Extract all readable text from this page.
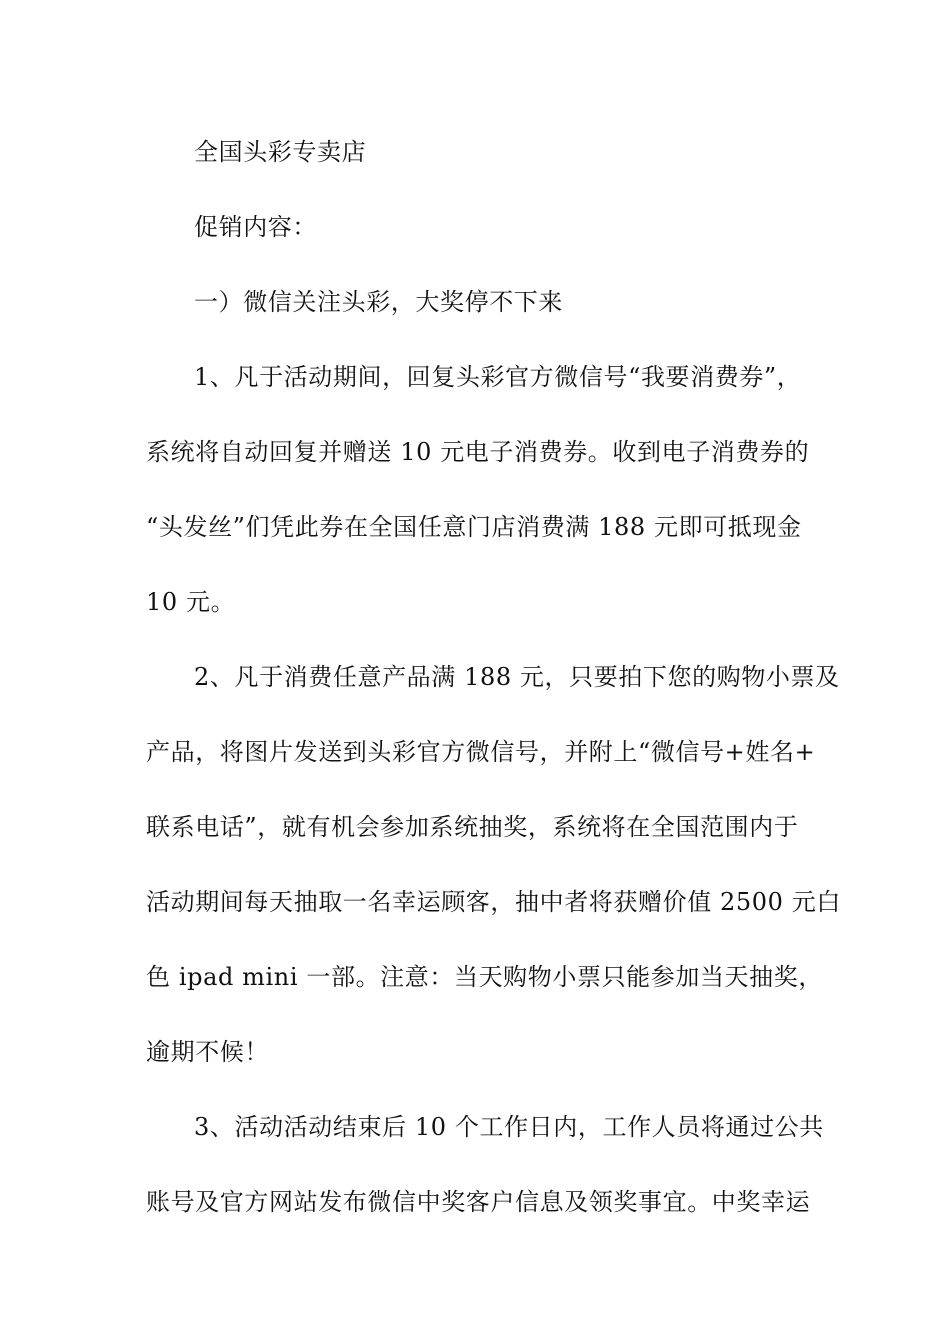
全国头彩专卖店
促销内容：
一）微信关注头彩，大奖停不下来
1、凡于活动期间，回复头彩官方微信号“我要消费券”，
系统将自动回复并赠送 10 元电子消费券。收到电子消费券的
“头发丝”们凭此券在全国任意门店消费满 188 元即可抵现金
10 元。
2、凡于消费任意产品满 188 元，只要拍下您的购物小票及
产品，将图片发送到头彩官方微信号，并附上“微信号+姓名+
联系电话”，就有机会参加系统抽奖，系统将在全国范围内于
活动期间每天抽取一名幸运顾客，抽中者将获赠价值 2500 元白
色 ipad mini 一部。注意：当天购物小票只能参加当天抽奖，
逾期不候！
3、活动活动结束后 10 个工作日内，工作人员将通过公共
账号及官方网站发布微信中奖客户信息及领奖事宜。中奖幸运
